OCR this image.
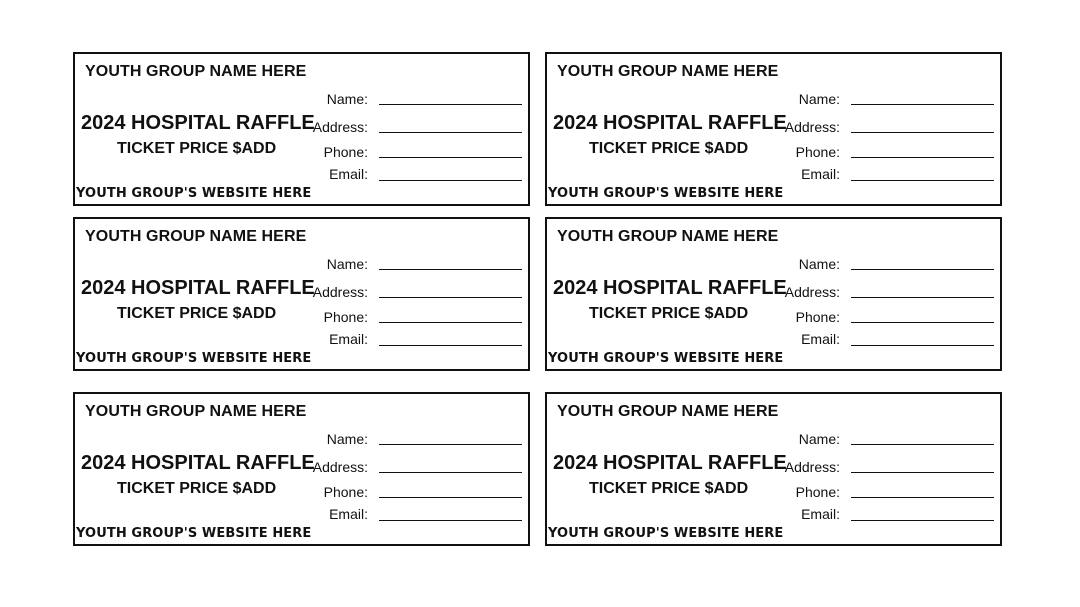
YOUTH GROUP NAME HERE
2024 HOSPITAL RAFFLE
TICKET PRICE $ADD
YOUTH GROUP'S WEBSITE HERE
Name:
Address:
Phone:
Email:
YOUTH GROUP NAME HERE
2024 HOSPITAL RAFFLE
TICKET PRICE $ADD
YOUTH GROUP'S WEBSITE HERE
Name:
Address:
Phone:
Email:
YOUTH GROUP NAME HERE
2024 HOSPITAL RAFFLE
TICKET PRICE $ADD
YOUTH GROUP'S WEBSITE HERE
Name:
Address:
Phone:
Email:
YOUTH GROUP NAME HERE
2024 HOSPITAL RAFFLE
TICKET PRICE $ADD
YOUTH GROUP'S WEBSITE HERE
Name:
Address:
Phone:
Email:
YOUTH GROUP NAME HERE
2024 HOSPITAL RAFFLE
TICKET PRICE $ADD
YOUTH GROUP'S WEBSITE HERE
Name:
Address:
Phone:
Email:
YOUTH GROUP NAME HERE
2024 HOSPITAL RAFFLE
TICKET PRICE $ADD
YOUTH GROUP'S WEBSITE HERE
Name:
Address:
Phone:
Email:
